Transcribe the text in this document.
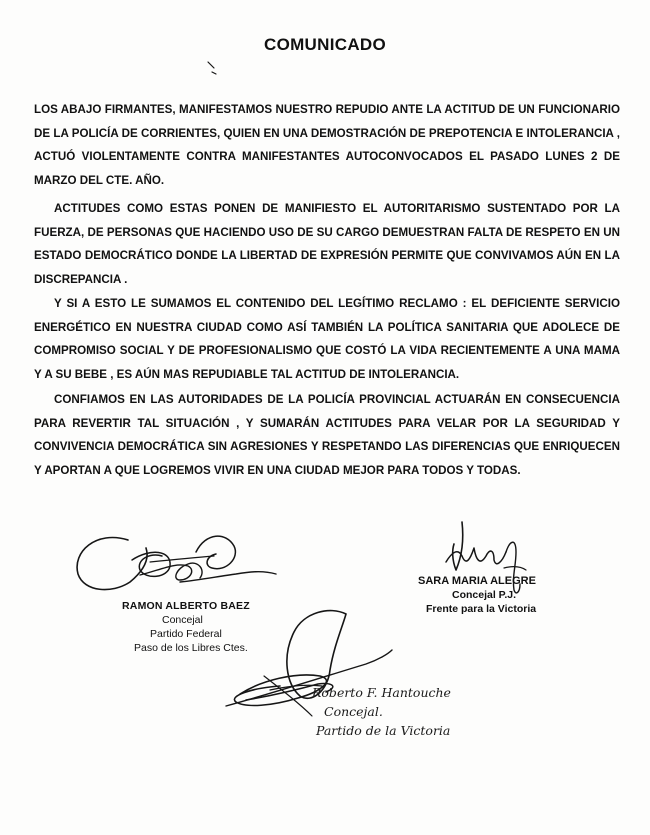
COMUNICADO
LOS ABAJO FIRMANTES, MANIFESTAMOS NUESTRO REPUDIO ANTE LA ACTITUD DE UN FUNCIONARIO DE LA POLICÍA DE CORRIENTES, QUIEN EN UNA DEMOSTRACIÓN DE PREPOTENCIA E INTOLERANCIA , ACTUÓ VIOLENTAMENTE CONTRA MANIFESTANTES AUTOCONVOCADOS EL PASADO LUNES 2 DE MARZO DEL CTE. AÑO.
ACTITUDES COMO ESTAS PONEN DE MANIFIESTO EL AUTORITARISMO SUSTENTADO POR LA FUERZA, DE PERSONAS QUE HACIENDO USO DE SU CARGO DEMUESTRAN FALTA DE RESPETO EN UN ESTADO DEMOCRÁTICO DONDE LA LIBERTAD DE EXPRESIÓN PERMITE QUE CONVIVAMOS AÚN EN LA DISCREPANCIA .
Y SI A ESTO LE SUMAMOS EL CONTENIDO DEL LEGÍTIMO RECLAMO : EL DEFICIENTE SERVICIO ENERGÉTICO EN NUESTRA CIUDAD COMO ASÍ TAMBIÉN LA POLÍTICA SANITARIA QUE ADOLECE DE COMPROMISO SOCIAL Y DE PROFESIONALISMO QUE COSTÓ LA VIDA RECIENTEMENTE A UNA MAMA Y A SU BEBE , ES AÚN MAS REPUDIABLE TAL ACTITUD DE INTOLERANCIA.
CONFIAMOS EN LAS AUTORIDADES DE LA POLICÍA PROVINCIAL ACTUARÁN EN CONSECUENCIA PARA REVERTIR TAL SITUACIÓN , Y SUMARÁN ACTITUDES PARA VELAR POR LA SEGURIDAD Y CONVIVENCIA DEMOCRÁTICA SIN AGRESIONES Y RESPETANDO LAS DIFERENCIAS QUE ENRIQUECEN Y APORTAN A QUE LOGREMOS VIVIR EN UNA CIUDAD MEJOR PARA TODOS Y TODAS.
RAMON ALBERTO BAEZ
Concejal
Partido Federal
Paso de los Libres Ctes.
SARA MARIA ALEGRE
Concejal P.J.
Frente para la Victoria
Roberto F. Hantouche
Concejal.
Partido de la Victoria
